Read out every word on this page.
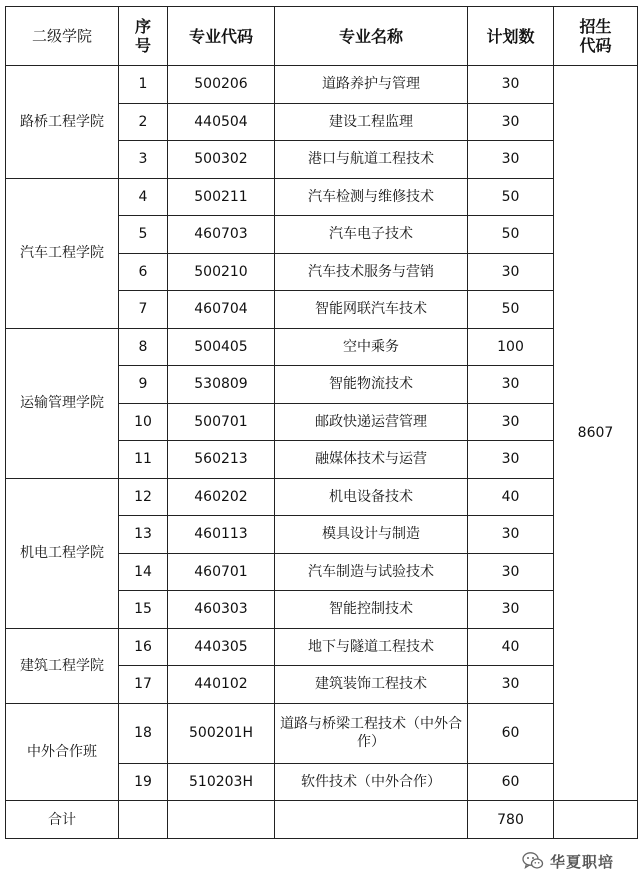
二级学院	序号	专业代码	专业名称	计划数	招生代码

路桥工程学院	1	500206	道路养护与管理	30	8607
	2	440504	建设工程监理	30	
	3	500302	港口与航道工程技术	30	
汽车工程学院	4	500211	汽车检测与维修技术	50	
	5	460703	汽车电子技术	50	
	6	500210	汽车技术服务与营销	30	
	7	460704	智能网联汽车技术	50	
运输管理学院	8	500405	空中乘务	100	
	9	530809	智能物流技术	30	
	10	500701	邮政快递运营管理	30	
	11	560213	融媒体技术与运营	30	
机电工程学院	12	460202	机电设备技术	40	
	13	460113	模具设计与制造	30	
	14	460701	汽车制造与试验技术	30	
	15	460303	智能控制技术	30	
建筑工程学院	16	440305	地下与隧道工程技术	40	
	17	440102	建筑装饰工程技术	30	
中外合作班	18	500201H	道路与桥梁工程技术（中外合作）	60	
	19	510203H	软件技术（中外合作）	60	
合计				780	
华夏职培
